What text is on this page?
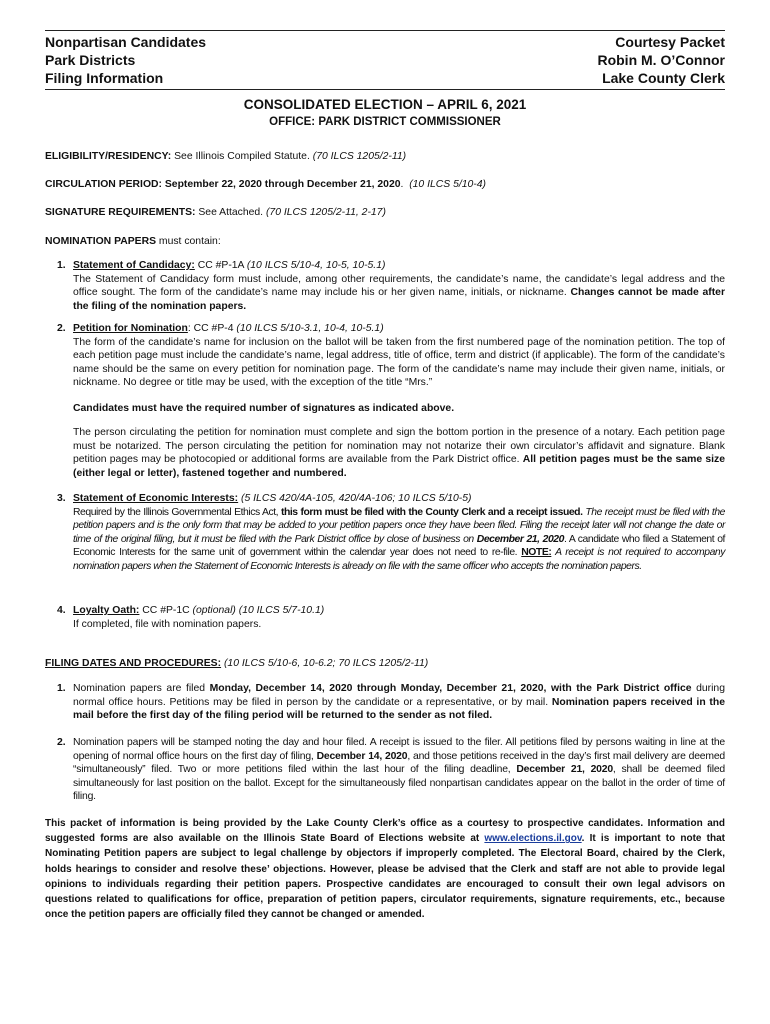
Nonpartisan Candidates
Park Districts
Filing Information
Courtesy Packet
Robin M. O’Connor
Lake County Clerk
CONSOLIDATED ELECTION – APRIL 6, 2021
OFFICE: PARK DISTRICT COMMISSIONER
ELIGIBILITY/RESIDENCY: See Illinois Compiled Statute. (70 ILCS 1205/2-11)
CIRCULATION PERIOD: September 22, 2020 through December 21, 2020. (10 ILCS 5/10-4)
SIGNATURE REQUIREMENTS: See Attached. (70 ILCS 1205/2-11, 2-17)
NOMINATION PAPERS must contain:
1. Statement of Candidacy: CC #P-1A (10 ILCS 5/10-4, 10-5, 10-5.1)

The Statement of Candidacy form must include, among other requirements, the candidate’s name, the candidate’s legal address and the office sought. The form of the candidate’s name may include his or her given name, initials, or nickname. Changes cannot be made after the filing of the nomination papers.

2. Petition for Nomination: CC #P-4 (10 ILCS 5/10-3.1, 10-4, 10-5.1)

The form of the candidate’s name for inclusion on the ballot will be taken from the first numbered page of the nomination petition. The top of each petition page must include the candidate’s name, legal address, title of office, term and district (if applicable). The form of the candidate’s name should be the same on every petition for nomination page. The form of the candidate’s name may include their given name, initials, or nickname. No degree or title may be used, with the exception of the title “Mrs.”

Candidates must have the required number of signatures as indicated above.
The person circulating the petition for nomination must complete and sign the bottom portion in the presence of a notary. Each petition page must be notarized. The person circulating the petition for nomination may not notarize their own circulator’s affidavit and signature. Blank petition pages may be photocopied or additional forms are available from the Park District office. All petition pages must be the same size (either legal or letter), fastened together and numbered.
3. Statement of Economic Interests: (5 ILCS 420/4A-105, 420/4A-106; 10 ILCS 5/10-5)

Required by the Illinois Governmental Ethics Act, this form must be filed with the County Clerk and a receipt issued. The receipt must be filed with the petition papers and is the only form that may be added to your petition papers once they have been filed. Filing the receipt later will not change the date or time of the original filing, but it must be filed with the Park District office by close of business on December 21, 2020. A candidate who filed a Statement of Economic Interests for the same unit of government within the calendar year does not need to re-file. NOTE: A receipt is not required to accompany nomination papers when the Statement of Economic Interests is already on file with the same officer who accepts the nomination papers.

4. Loyalty Oath: CC #P-1C (optional) (10 ILCS 5/7-10.1)

If completed, file with nomination papers.

FILING DATES AND PROCEDURES: (10 ILCS 5/10-6, 10-6.2; 70 ILCS 1205/2-11)
1. Nomination papers are filed Monday, December 14, 2020 through Monday, December 21, 2020, with the Park District office during normal office hours. Petitions may be filed in person by the candidate or a representative, or by mail. Nomination papers received in the mail before the first day of the filing period will be returned to the sender as not filed.

2. Nomination papers will be stamped noting the day and hour filed. A receipt is issued to the filer. All petitions filed by persons waiting in line at the opening of normal office hours on the first day of filing, December 14, 2020, and those petitions received in the day’s first mail delivery are deemed “simultaneously” filed. Two or more petitions filed within the last hour of the filing deadline, December 21, 2020, shall be deemed filed simultaneously for last position on the ballot. Except for the simultaneously filed nonpartisan candidates appear on the ballot in the order of time of filing.

This packet of information is being provided by the Lake County Clerk’s office as a courtesy to prospective candidates. Information and suggested forms are also available on the Illinois State Board of Elections website at www.elections.il.gov. It is important to note that Nominating Petition papers are subject to legal challenge by objectors if improperly completed. The Electoral Board, chaired by the Clerk, holds hearings to consider and resolve these’ objections. However, please be advised that the Clerk and staff are not able to provide legal opinions to individuals regarding their petition papers. Prospective candidates are encouraged to consult their own legal advisors on questions related to qualifications for office, preparation of petition papers, circulator requirements, signature requirements, etc., because once the petition papers are officially filed they cannot be changed or amended.
